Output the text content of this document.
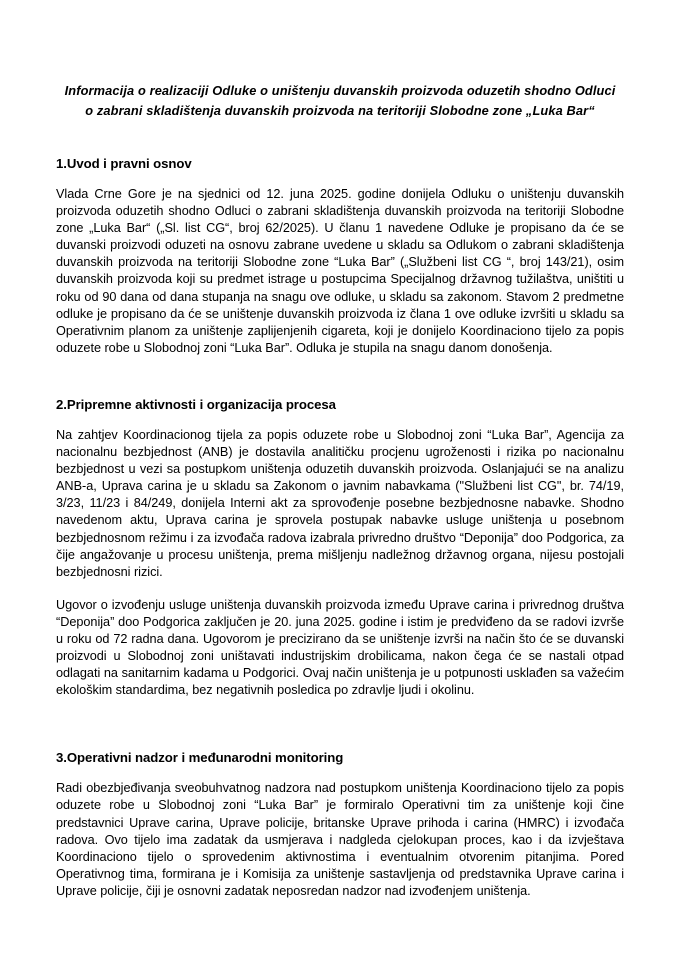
Informacija o realizaciji Odluke o uništenju duvanskih proizvoda oduzetih shodno Odluci
o zabrani skladištenja duvanskih proizvoda na teritoriji Slobodne zone „Luka Bar“
1.Uvod i pravni osnov

Vlada Crne Gore je na sjednici od 12. juna 2025. godine donijela Odluku o uništenju duvanskih proizvoda oduzetih shodno Odluci o zabrani skladištenja duvanskih proizvoda na teritoriji Slobodne zone „Luka Bar“ („Sl. list CG“, broj 62/2025). U članu 1 navedene Odluke je propisano da će se duvanski proizvodi oduzeti na osnovu zabrane uvedene u skladu sa Odlukom o zabrani skladištenja duvanskih proizvoda na teritoriji Slobodne zone “Luka Bar” („Službeni list CG “, broj 143/21), osim duvanskih proizvoda koji su predmet istrage u postupcima Specijalnog državnog tužilaštva, uništiti u roku od 90 dana od dana stupanja na snagu ove odluke, u skladu sa zakonom. Stavom 2 predmetne odluke je propisano da će se uništenje duvanskih proizvoda iz člana 1 ove odluke izvršiti u skladu sa Operativnim planom za uništenje zaplijenjenih cigareta, koji je donijelo Koordinaciono tijelo za popis oduzete robe u Slobodnoj zoni “Luka Bar”. Odluka je stupila na snagu danom donošenja.

2.Pripremne aktivnosti i organizacija procesa

Na zahtjev Koordinacionog tijela za popis oduzete robe u Slobodnoj zoni “Luka Bar”, Agencija za nacionalnu bezbjednost (ANB) je dostavila analitičku procjenu ugroženosti i rizika po nacionalnu bezbjednost u vezi sa postupkom uništenja oduzetih duvanskih proizvoda. Oslanjajući se na analizu ANB-a, Uprava carina je u skladu sa Zakonom o javnim nabavkama ("Službeni list CG", br. 74/19, 3/23, 11/23 i 84/249, donijela Interni akt za sprovođenje posebne bezbjednosne nabavke. Shodno navedenom aktu, Uprava carina je sprovela postupak nabavke usluge uništenja u posebnom bezbjednosnom režimu i za izvođača radova izabrala privredno društvo “Deponija” doo Podgorica, za čije angažovanje u procesu uništenja, prema mišljenju nadležnog državnog organa, nijesu postojali bezbjednosni rizici.

Ugovor o izvođenju usluge uništenja duvanskih proizvoda između Uprave carina i privrednog društva “Deponija” doo Podgorica zaključen je 20. juna 2025. godine i istim je predviđeno da se radovi izvrše u roku od 72 radna dana. Ugovorom je precizirano da se uništenje izvrši na način što će se duvanski proizvodi u Slobodnoj zoni uništavati industrijskim drobilicama, nakon čega će se nastali otpad odlagati na sanitarnim kadama u Podgorici. Ovaj način uništenja je u potpunosti usklađen sa važećim ekološkim standardima, bez negativnih posledica po zdravlje ljudi i okolinu.

3.Operativni nadzor i međunarodni monitoring

Radi obezbjeđivanja sveobuhvatnog nadzora nad postupkom uništenja Koordinaciono tijelo za popis oduzete robe u Slobodnoj zoni “Luka Bar” je formiralo Operativni tim za uništenje koji čine predstavnici Uprave carina, Uprave policije, britanske Uprave prihoda i carina (HMRC) i izvođača radova. Ovo tijelo ima zadatak da usmjerava i nadgleda cjelokupan proces, kao i da izvještava Koordinaciono tijelo o sprovedenim aktivnostima i eventualnim otvorenim pitanjima. Pored Operativnog tima, formirana je i Komisija za uništenje sastavljenja od predstavnika Uprave carina i Uprave policije, čiji je osnovni zadatak neposredan nadzor nad izvođenjem uništenja.
